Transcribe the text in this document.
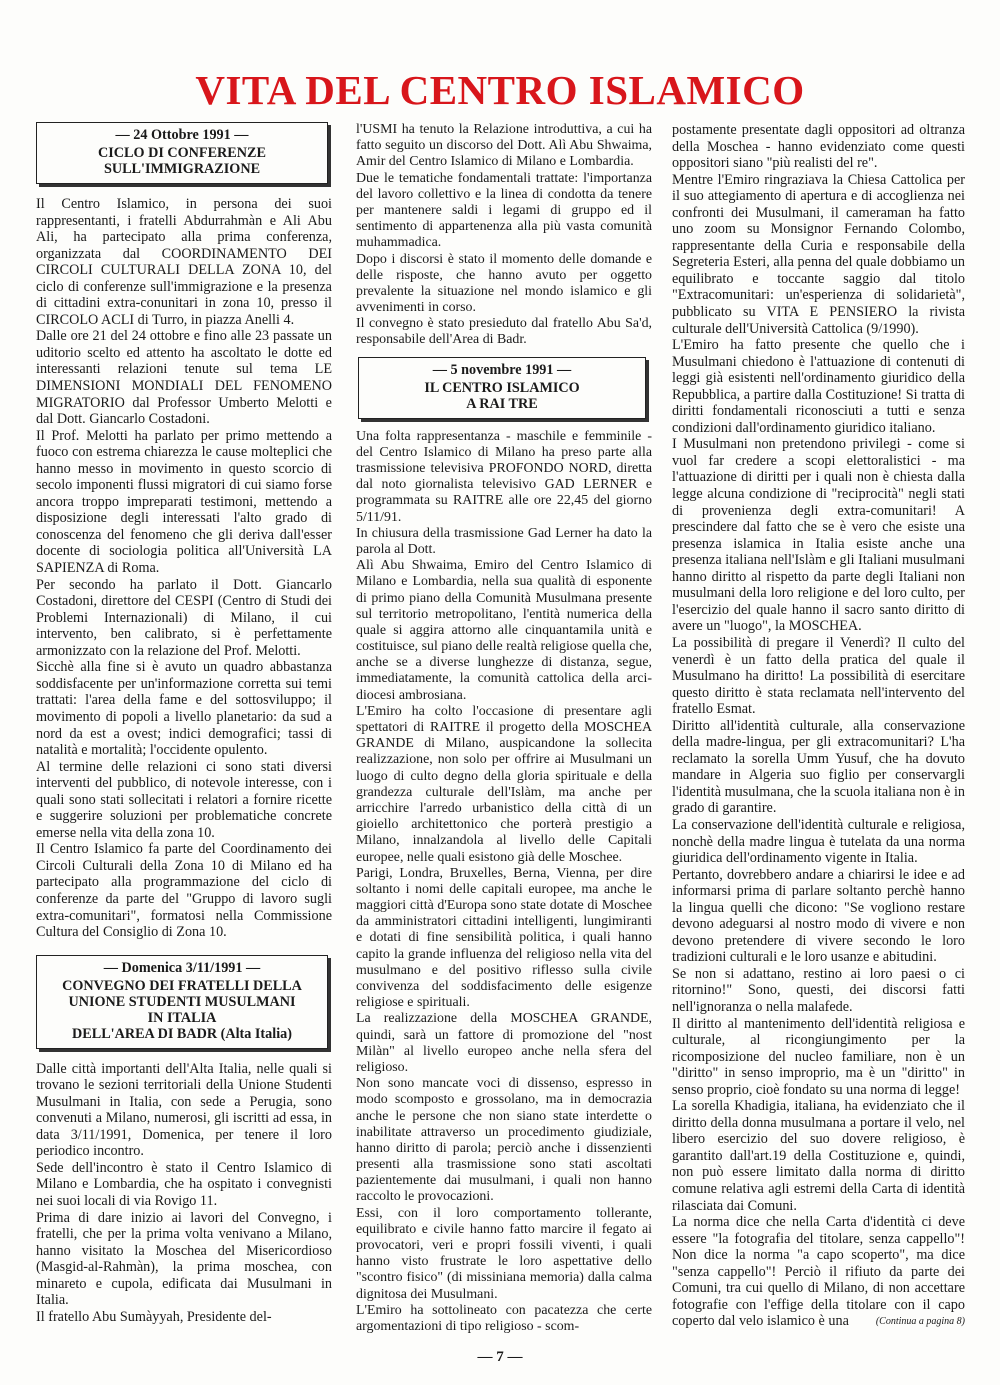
VITA DEL CENTRO ISLAMICO
— 24 Ottobre 1991 —
CICLO DI CONFERENZE
SULL'IMMIGRAZIONE

Il Centro Islamico, in persona dei suoi rappresentanti, i fratelli Abdurrahmàn e Ali Abu Ali, ha partecipato alla prima conferenza, organizzata dal COORDINAMENTO DEI CIRCOLI CULTURALI DELLA ZONA 10, del ciclo di conferenze sull'immigrazione e la presenza di cittadini extra-conunitari in zona 10, presso il CIRCOLO ACLI di Turro, in piazza Anelli 4.

Dalle ore 21 del 24 ottobre e fino alle 23 passate un uditorio scelto ed attento ha ascoltato le dotte ed interessanti relazioni tenute sul tema LE DIMENSIONI MONDIALI DEL FENOMENO MIGRATORIO dal Professor Umberto Melotti e dal Dott. Giancarlo Costadoni.

Il Prof. Melotti ha parlato per primo mettendo a fuoco con estrema chiarezza le cause molteplici che hanno messo in movimento in questo scorcio di secolo imponenti flussi migratori di cui siamo forse ancora troppo impreparati testimoni, mettendo a disposizione degli interessati l'alto grado di conoscenza del fenomeno che gli deriva dall'esser docente di sociologia politica all'Università LA SAPIENZA di Roma.

Per secondo ha parlato il Dott. Giancarlo Costadoni, direttore del CESPI (Centro di Studi dei Problemi Internazionali) di Milano, il cui intervento, ben calibrato, si è perfettamente armonizzato con la relazione del Prof. Melotti.

Sicchè alla fine si è avuto un quadro abbastanza soddisfacente per un'informazione corretta sui temi trattati: l'area della fame e del sottosviluppo; il movimento di popoli a livello planetario: da sud a nord da est a ovest; indici demografici; tassi di natalità e mortalità; l'occidente opulento.

Al termine delle relazioni ci sono stati diversi interventi del pubblico, di notevole interesse, con i quali sono stati sollecitati i relatori a fornire ricette e suggerire soluzioni per problematiche concrete emerse nella vita della zona 10.

Il Centro Islamico fa parte del Coordinamento dei Circoli Culturali della Zona 10 di Milano ed ha partecipato alla programmazione del ciclo di conferenze da parte del "Gruppo di lavoro sugli extra-comunitari", formatosi nella Commissione Cultura del Consiglio di Zona 10.

— Domenica 3/11/1991 —
CONVEGNO DEI FRATELLI DELLA
UNIONE STUDENTI MUSULMANI
IN ITALIA
DELL'AREA DI BADR (Alta Italia)

Dalle città importanti dell'Alta Italia, nelle quali si trovano le sezioni territoriali della Unione Studenti Musulmani in Italia, con sede a Perugia, sono convenuti a Milano, numerosi, gli iscritti ad essa, in data 3/11/1991, Domenica, per tenere il loro periodico incontro.

Sede dell'incontro è stato il Centro Islamico di Milano e Lombardia, che ha ospitato i convegnisti nei suoi locali di via Rovigo 11.

Prima di dare inizio ai lavori del Convegno, i fratelli, che per la prima volta venivano a Milano, hanno visitato la Moschea del Misericordioso (Masgid-al-Rahmàn), la prima moschea, con minareto e cupola, edificata dai Musulmani in Italia.

Il fratello Abu Sumàyyah, Presidente del-

l'USMI ha tenuto la Relazione introduttiva, a cui ha fatto seguito un discorso del Dott. Alì Abu Shwaima, Amir del Centro Islamico di Milano e Lombardia.

Due le tematiche fondamentali trattate: l'importanza del lavoro collettivo e la linea di condotta da tenere per mantenere saldi i legami di gruppo ed il sentimento di appartenenza alla più vasta comunità muhammadica.

Dopo i discorsi è stato il momento delle domande e delle risposte, che hanno avuto per oggetto prevalente la situazione nel mondo islamico e gli avvenimenti in corso.

Il convegno è stato presieduto dal fratello Abu Sa'd, responsabile dell'Area di Badr.

— 5 novembre 1991 —
IL CENTRO ISLAMICO
A RAI TRE

Una folta rappresentanza - maschile e femminile - del Centro Islamico di Milano ha preso parte alla trasmissione televisiva PROFONDO NORD, diretta dal noto giornalista televisivo GAD LERNER e programmata su RAITRE alle ore 22,45 del giorno 5/11/91.

In chiusura della trasmissione Gad Lerner ha dato la parola al Dott.

Alì Abu Shwaima, Emiro del Centro Islamico di Milano e Lombardia, nella sua qualità di esponente di primo piano della Comunità Musulmana presente sul territorio metropolitano, l'entità numerica della quale si aggira attorno alle cinquantamila unità e costituisce, sul piano delle realtà religiose quella che, anche se a diverse lunghezze di distanza, segue, immediatamente, la comunità cattolica della arci-diocesi ambrosiana.

L'Emiro ha colto l'occasione di presentare agli spettatori di RAITRE il progetto della MOSCHEA GRANDE di Milano, auspicandone la sollecita realizzazione, non solo per offrire ai Musulmani un luogo di culto degno della gloria spirituale e della grandezza culturale dell'Islàm, ma anche per arricchire l'arredo urbanistico della città di un gioiello architettonico che porterà prestigio a Milano, innalzandola al livello delle Capitali europee, nelle quali esistono già delle Moschee.

Parigi, Londra, Bruxelles, Berna, Vienna, per dire soltanto i nomi delle capitali europee, ma anche le maggiori città d'Europa sono state dotate di Moschee da amministratori cittadini intelligenti, lungimiranti e dotati di fine sensibilità politica, i quali hanno capito la grande influenza del religioso nella vita del musulmano e del positivo riflesso sulla civile convivenza del soddisfacimento delle esigenze religiose e spirituali.

La realizzazione della MOSCHEA GRANDE, quindi, sarà un fattore di promozione del "nost Milàn" al livello europeo anche nella sfera del religioso.

Non sono mancate voci di dissenso, espresso in modo scomposto e grossolano, ma in democrazia anche le persone che non siano state interdette o inabilitate attraverso un procedimento giudiziale, hanno diritto di parola; perciò anche i dissenzienti presenti alla trasmissione sono stati ascoltati pazientemente dai musulmani, i quali non hanno raccolto le provocazioni.

Essi, con il loro comportamento tollerante, equilibrato e civile hanno fatto marcire il fegato ai provocatori, veri e propri fossili viventi, i quali hanno visto frustrate le loro aspettative dello "scontro fisico" (di missiniana memoria) dalla calma dignitosa dei Musulmani.

L'Emiro ha sottolineato con pacatezza che certe argomentazioni di tipo religioso - scom-

postamente presentate dagli oppositori ad oltranza della Moschea - hanno evidenziato come questi oppositori siano "più realisti del re".

Mentre l'Emiro ringraziava la Chiesa Cattolica per il suo attegiamento di apertura e di accoglienza nei confronti dei Musulmani, il cameraman ha fatto uno zoom su Monsignor Fernando Colombo, rappresentante della Curia e responsabile della Segreteria Esteri, alla penna del quale dobbiamo un equilibrato e toccante saggio dal titolo "Extracomunitari: un'esperienza di solidarietà", pubblicato su VITA E PENSIERO la rivista culturale dell'Università Cattolica (9/1990).

L'Emiro ha fatto presente che quello che i Musulmani chiedono è l'attuazione di contenuti di leggi già esistenti nell'ordinamento giuridico della Repubblica, a partire dalla Costituzione! Si tratta di diritti fondamentali riconosciuti a tutti e senza condizioni dall'ordinamento giuridico italiano.

I Musulmani non pretendono privilegi - come si vuol far credere a scopi elettoralistici - ma l'attuazione di diritti per i quali non è chiesta dalla legge alcuna condizione di "reciprocità" negli stati di provenienza degli extra-comunitari! A prescindere dal fatto che se è vero che esiste una presenza islamica in Italia esiste anche una presenza italiana nell'Islàm e gli Italiani musulmani hanno diritto al rispetto da parte degli Italiani non musulmani della loro religione e del loro culto, per l'esercizio del quale hanno il sacro santo diritto di avere un "luogo", la MOSCHEA.

La possibilità di pregare il Venerdì? Il culto del venerdì è un fatto della pratica del quale il Musulmano ha diritto! La possibilità di esercitare questo diritto è stata reclamata nell'intervento del fratello Esmat.

Diritto all'identità culturale, alla conservazione della madre-lingua, per gli extracomunitari? L'ha reclamato la sorella Umm Yusuf, che ha dovuto mandare in Algeria suo figlio per conservargli l'identità musulmana, che la scuola italiana non è in grado di garantire.

La conservazione dell'identità culturale e religiosa, nonchè della madre lingua è tutelata da una norma giuridica dell'ordinamento vigente in Italia.

Pertanto, dovrebbero andare a chiarirsi le idee e ad informarsi prima di parlare soltanto perchè hanno la lingua quelli che dicono: "Se vogliono restare devono adeguarsi al nostro modo di vivere e non devono pretendere di vivere secondo le loro tradizioni culturali e le loro usanze e abitudini.

Se non si adattano, restino ai loro paesi o ci ritornino!" Sono, questi, dei discorsi fatti nell'ignoranza o nella malafede.

Il diritto al mantenimento dell'identità religiosa e culturale, al ricongiungimento per la ricomposizione del nucleo familiare, non è un "diritto" in senso improprio, ma è un "diritto" in senso proprio, cioè fondato su una norma di legge!

La sorella Khadigia, italiana, ha evidenziato che il diritto della donna musulmana a portare il velo, nel libero esercizio del suo dovere religioso, è garantito dall'art.19 della Costituzione e, quindi, non può essere limitato dalla norma di diritto comune relativa agli estremi della Carta di identità rilasciata dai Comuni.

La norma dice che nella Carta d'identità ci deve essere "la fotografia del titolare, senza cappello"! Non dice la norma "a capo scoperto", ma dice "senza cappello"! Perciò il rifiuto da parte dei Comuni, tra cui quello di Milano, di non accettare fotografie con l'effige della titolare con il capo coperto dal velo islamico è una	(Continua a pagina 8)
— 7 —
